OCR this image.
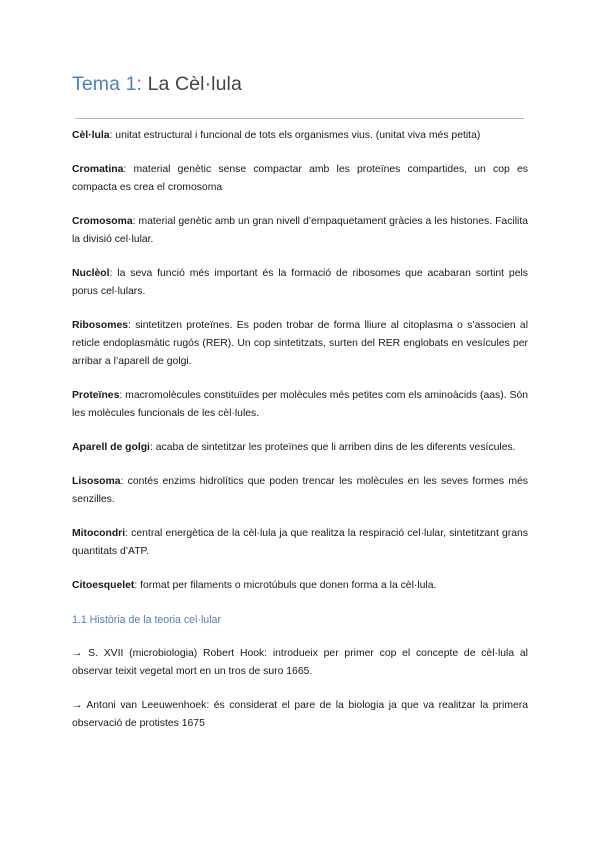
Tema 1: La Cèl·lula

Cèl·lula: unitat estructural i funcional de tots els organismes vius. (unitat viva més petita)

Cromatina: material genètic sense compactar amb les proteïnes compartides, un cop es compacta es crea el cromosoma

Cromosoma: material genètic amb un gran nivell d’empaquetament gràcies a les histones. Facilita la divisió cel·lular.

Nuclèol: la seva funció més important és la formació de ribosomes que acabaran sortint pels porus cel·lulars.

Ribosomes: sintetitzen proteïnes. Es poden trobar de forma lliure al citoplasma o s’associen al reticle endoplasmàtic rugós (RER). Un cop sintetitzats, surten del RER englobats en vesícules per arribar a l’aparell de golgi.

Proteïnes: macromolècules constituïdes per molècules més petites com els aminoàcids (aas). Són les molècules funcionals de les cèl·lules.

Aparell de golgi: acaba de sintetitzar les proteïnes que li arriben dins de les diferents vesícules.

Lisosoma: contés enzims hidrolítics que poden trencar les molècules en les seves formes més senzilles.

Mitocondri: central energètica de la cèl·lula ja que realitza la respiració cel·lular, sintetitzant grans quantitats d’ATP.

Citoesquelet: format per filaments o microtúbuls que donen forma a la cèl·lula.

1.1 Història de la teoria cel·lular

→ S. XVII (microbiologia) Robert Hook: introdueix per primer cop el concepte de cèl·lula al observar teixit vegetal mort en un tros de suro 1665.

→ Antoni van Leeuwenhoek: és considerat el pare de la biologia ja que va realitzar la primera observació de protistes 1675
